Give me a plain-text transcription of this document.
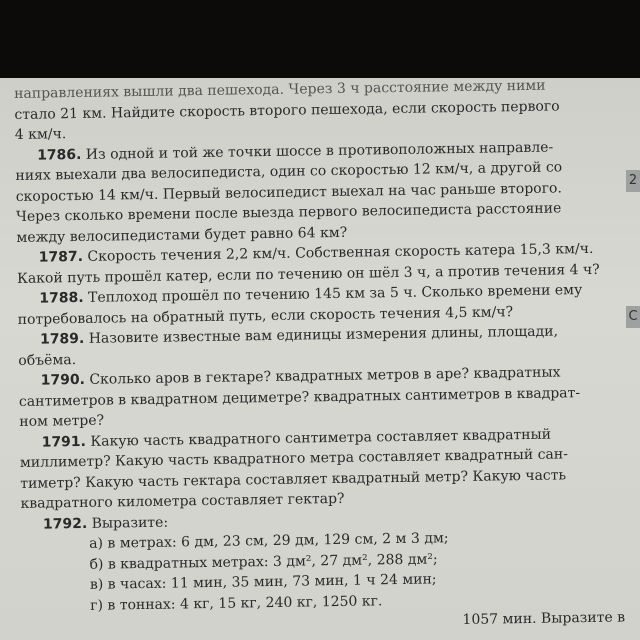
2
С
направлениях вышли два пешехода. Через 3 ч расстояние между ними
стало 21 км. Найдите скорость второго пешехода, если скорость первого
4 км/ч.
1786. Из одной и той же точки шоссе в противоположных направле-
ниях выехали два велосипедиста, один со скоростью 12 км/ч, а другой со
скоростью 14 км/ч. Первый велосипедист выехал на час раньше второго.
Через сколько времени после выезда первого велосипедиста расстояние
между велосипедистами будет равно 64 км?
1787. Скорость течения 2,2 км/ч. Собственная скорость катера 15,3 км/ч.
Какой путь прошёл катер, если по течению он шёл 3 ч, а против течения 4 ч?
1788. Теплоход прошёл по течению 145 км за 5 ч. Сколько времени ему
потребовалось на обратный путь, если скорость течения 4,5 км/ч?
1789. Назовите известные вам единицы измерения длины, площади,
объёма.
1790. Сколько аров в гектаре? квадратных метров в аре? квадратных
сантиметров в квадратном дециметре? квадратных сантиметров в квадрат-
ном метре?
1791. Какую часть квадратного сантиметра составляет квадратный
миллиметр? Какую часть квадратного метра составляет квадратный сан-
тиметр? Какую часть гектара составляет квадратный метр? Какую часть
квадратного километра составляет гектар?
1792. Выразите:
а) в метрах: 6 дм, 23 см, 29 дм, 129 см, 2 м 3 дм;
б) в квадратных метрах: 3 дм², 27 дм², 288 дм²;
в) в часах: 11 мин, 35 мин, 73 мин, 1 ч 24 мин;
г) в тоннах: 4 кг, 15 кг, 240 кг, 1250 кг.
1057 мин. Выразите в
